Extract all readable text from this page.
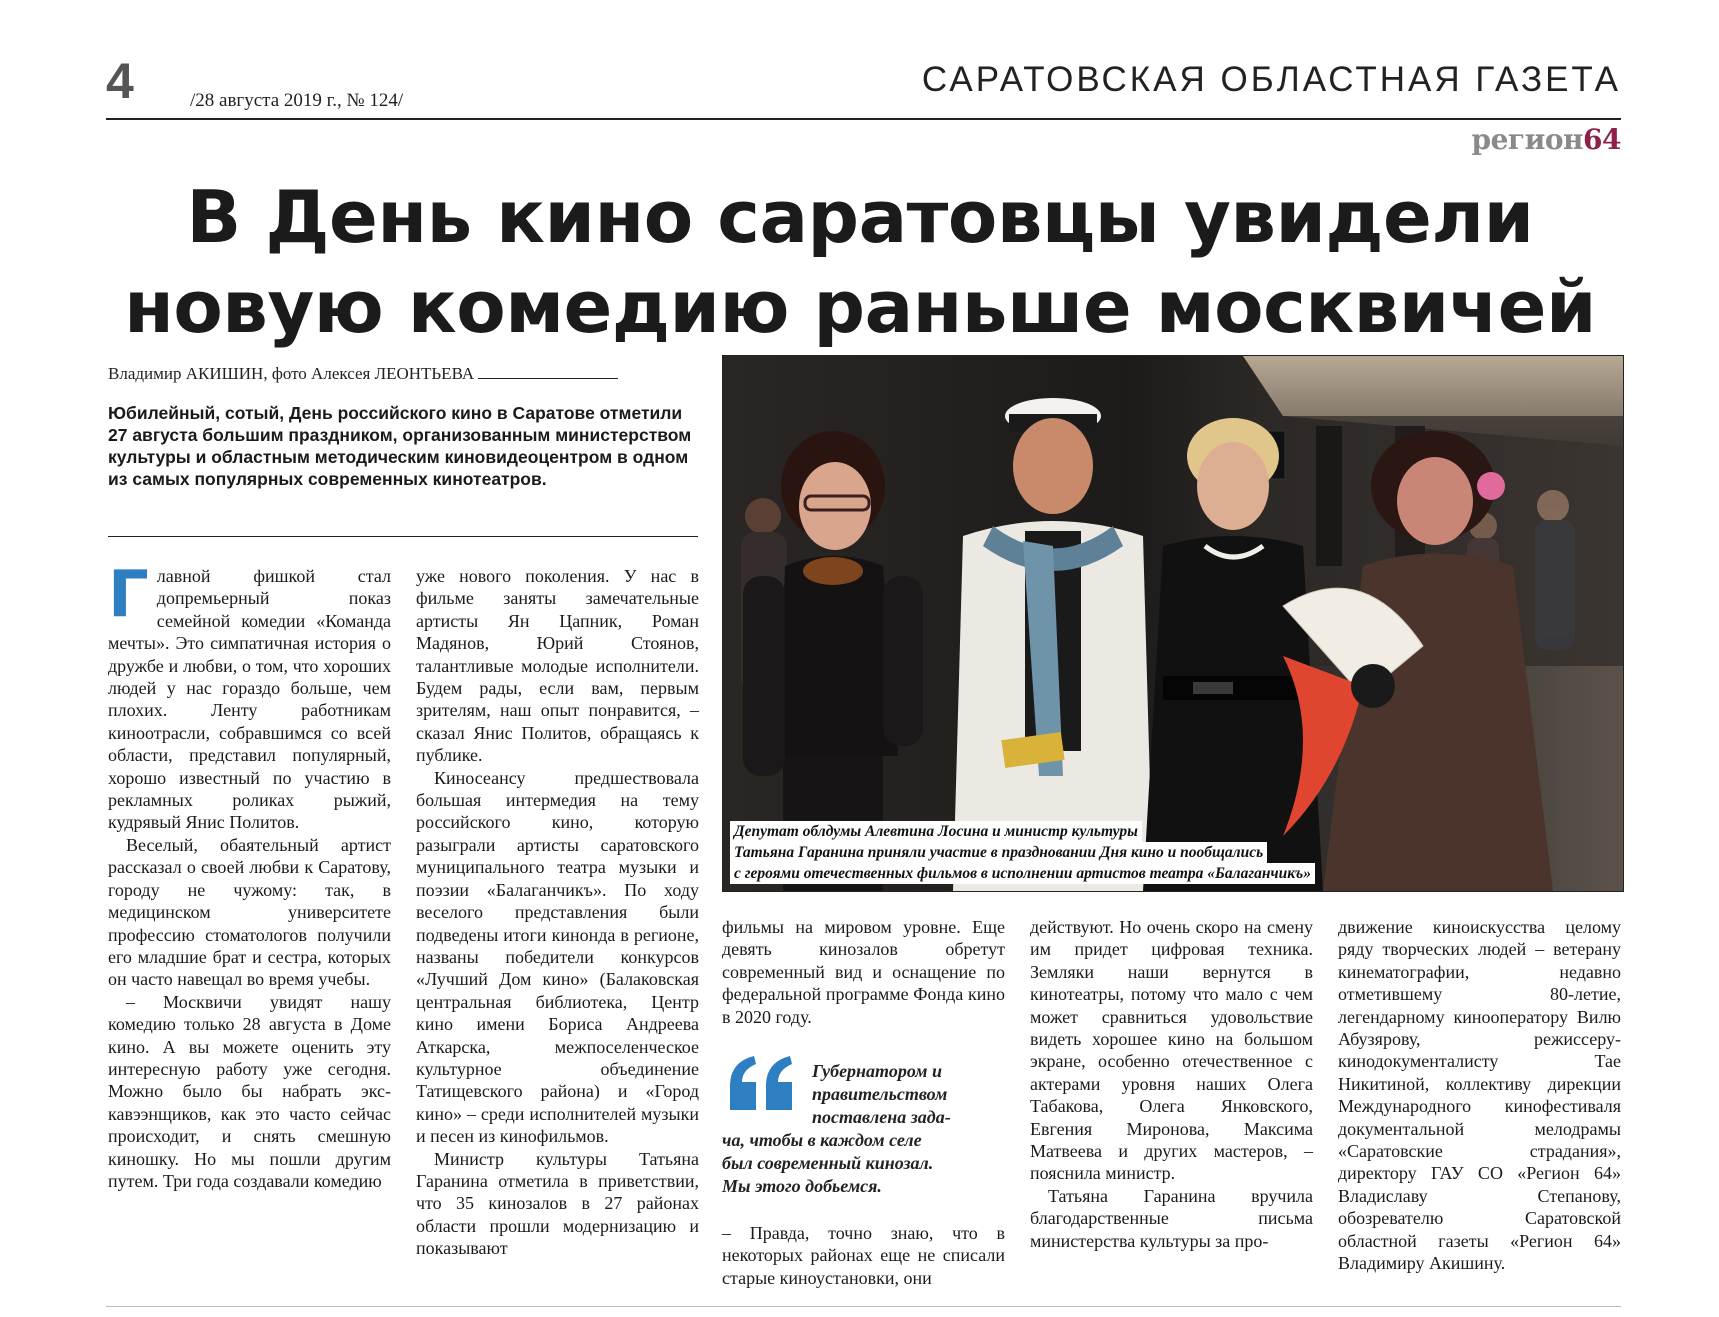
4	/28 августа 2019 г., № 124/
САРАТОВСКАЯ ОБЛАСТНАЯ ГАЗЕТА
регион64
В День кино саратовцы увидели
новую комедию раньше москвичей
Владимир АКИШИН, фото Алексея ЛЕОНТЬЕВА

Юбилейный, сотый, День российского кино в Саратове отметили 27 августа большим праздником, организованным министерством культуры и областным методическим киновидеоцентром в одном из самых популярных современных кинотеатров.

Главной фишкой стал допремьерный показ семейной комедии «Команда мечты». Это симпатичная история о дружбе и любви, о том, что хороших людей у нас гораздо больше, чем плохих. Ленту работникам киноотрасли, собравшимся со всей области, представил популярный, хорошо известный по участию в рекламных роликах рыжий, кудрявый Янис Политов.

Веселый, обаятельный артист рассказал о своей любви к Саратову, городу не чужому: так, в медицинском университете профессию стоматологов получили его младшие брат и сестра, которых он часто навещал во время учебы.

– Москвичи увидят нашу комедию только 28 августа в Доме кино. А вы можете оценить эту интересную работу уже сегодня. Можно было бы набрать экс-кавээнщиков, как это часто сейчас происходит, и снять смешную киношку. Но мы пошли другим путем. Три года создавали комедию

уже нового поколения. У нас в фильме заняты замечательные артисты Ян Цапник, Роман Мадянов, Юрий Стоянов, талантливые молодые исполнители. Будем рады, если вам, первым зрителям, наш опыт понравится, – сказал Янис Политов, обращаясь к публике.

Киносеансу предшествовала большая интермедия на тему российского кино, которую разыграли артисты саратовского муниципального театра музыки и поэзии «Балаганчикъ». По ходу веселого представления были подведены итоги кинонда в регионе, названы победители конкурсов «Лучший Дом кино» (Балаковская центральная библиотека, Центр кино имени Бориса Андреева Аткарска, межпоселенческое культурное объединение Татищевского района) и «Город кино» – среди исполнителей музыки и песен из кинофильмов.

Министр культуры Татьяна Гаранина отметила в приветствии, что 35 кинозалов в 27 районах области прошли модернизацию и показывают

Депутат облдумы Алевтина Лосина и министр культуры
Татьяна Гаранина приняли участие в праздновании Дня кино и пообщались
с героями отечественных фильмов в исполнении артистов театра «Балаганчикъ»

фильмы на мировом уровне. Еще девять кинозалов обретут современный вид и оснащение по федеральной программе Фонда кино в 2020 году.

Губернатором и

правительством

поставлена зада-

ча, чтобы в каждом селе

был современный кинозал.

Мы этого добьемся.

– Правда, точно знаю, что в некоторых районах еще не списали старые киноустановки, они

действуют. Но очень скоро на смену им придет цифровая техника. Земляки наши вернутся в кинотеатры, потому что мало с чем может сравниться удовольствие видеть хорошее кино на большом экране, особенно отечественное с актерами уровня наших Олега Табакова, Олега Янковского, Евгения Миронова, Максима Матвеева и других мастеров, – пояснила министр.

Татьяна Гаранина вручила благодарственные письма министерства культуры за про-

движение киноискусства целому ряду творческих людей – ветерану кинематографии, недавно отметившему 80-летие, легендарному кинооператору Вилю Абузярову, режиссеру-кинодокументалисту Тае Никитиной, коллективу дирекции Международного кинофестиваля документальной мелодрамы «Саратовские страдания», директору ГАУ СО «Регион 64» Владиславу Степанову, обозревателю Саратовской областной газеты «Регион 64» Владимиру Акишину.
